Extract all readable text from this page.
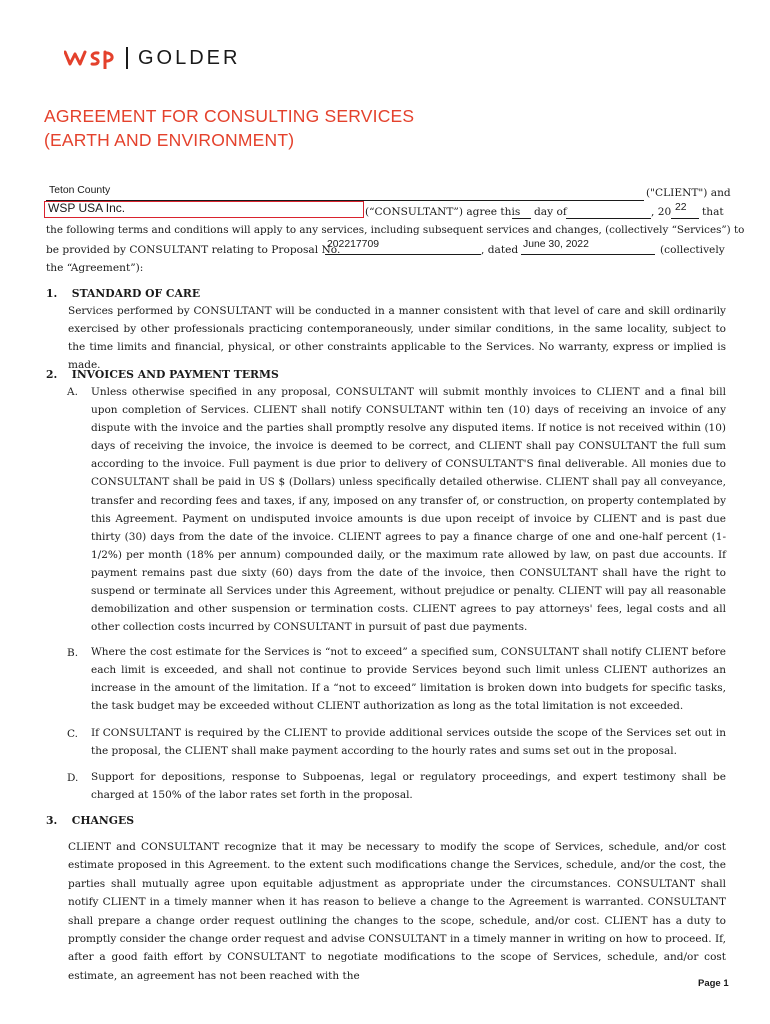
GOLDER
AGREEMENT FOR CONSULTING SERVICES
(EARTH AND ENVIRONMENT)
Teton County	("CLIENT") and
WSP USA Inc.	(“CONSULTANT”) agree this day of	, 20 22 that
the following terms and conditions will apply to any services, including subsequent services and changes, (collectively “Services”) to
be provided by CONSULTANT relating to Proposal No.
202217709	, dated June 30, 2022	(collectively
the “Agreement”):
1. STANDARD OF CARE
Services performed by CONSULTANT will be conducted in a manner consistent with that level of care and skill ordinarily exercised by other professionals practicing contemporaneously, under similar conditions, in the same locality, subject to the time limits and financial, physical, or other constraints applicable to the Services. No warranty, express or implied is made.
2. INVOICES AND PAYMENT TERMS
A. Unless otherwise specified in any proposal, CONSULTANT will submit monthly invoices to CLIENT and a final bill upon completion of Services. CLIENT shall notify CONSULTANT within ten (10) days of receiving an invoice of any dispute with the invoice and the parties shall promptly resolve any disputed items. If notice is not received within (10) days of receiving the invoice, the invoice is deemed to be correct, and CLIENT shall pay CONSULTANT the full sum according to the invoice. Full payment is due prior to delivery of CONSULTANT'S final deliverable. All monies due to CONSULTANT shall be paid in US $ (Dollars) unless specifically detailed otherwise. CLIENT shall pay all conveyance, transfer and recording fees and taxes, if any, imposed on any transfer of, or construction, on property contemplated by this Agreement. Payment on undisputed invoice amounts is due upon receipt of invoice by CLIENT and is past due thirty (30) days from the date of the invoice. CLIENT agrees to pay a finance charge of one and one-half percent (1-1/2%) per month (18% per annum) compounded daily, or the maximum rate allowed by law, on past due accounts. If payment remains past due sixty (60) days from the date of the invoice, then CONSULTANT shall have the right to suspend or terminate all Services under this Agreement, without prejudice or penalty. CLIENT will pay all reasonable demobilization and other suspension or termination costs. CLIENT agrees to pay attorneys' fees, legal costs and all other collection costs incurred by CONSULTANT in pursuit of past due payments.
B. Where the cost estimate for the Services is “not to exceed” a specified sum, CONSULTANT shall notify CLIENT before each limit is exceeded, and shall not continue to provide Services beyond such limit unless CLIENT authorizes an increase in the amount of the limitation. If a “not to exceed” limitation is broken down into budgets for specific tasks, the task budget may be exceeded without CLIENT authorization as long as the total limitation is not exceeded.
C. If CONSULTANT is required by the CLIENT to provide additional services outside the scope of the Services set out in the proposal, the CLIENT shall make payment according to the hourly rates and sums set out in the proposal.
D. Support for depositions, response to Subpoenas, legal or regulatory proceedings, and expert testimony shall be charged at 150% of the labor rates set forth in the proposal.
3. CHANGES
CLIENT and CONSULTANT recognize that it may be necessary to modify the scope of Services, schedule, and/or cost estimate proposed in this Agreement. to the extent such modifications change the Services, schedule, and/or the cost, the parties shall mutually agree upon equitable adjustment as appropriate under the circumstances. CONSULTANT shall notify CLIENT in a timely manner when it has reason to believe a change to the Agreement is warranted. CONSULTANT shall prepare a change order request outlining the changes to the scope, schedule, and/or cost. CLIENT has a duty to promptly consider the change order request and advise CONSULTANT in a timely manner in writing on how to proceed. If, after a good faith effort by CONSULTANT to negotiate modifications to the scope of Services, schedule, and/or cost estimate, an agreement has not been reached with the
Page 1
